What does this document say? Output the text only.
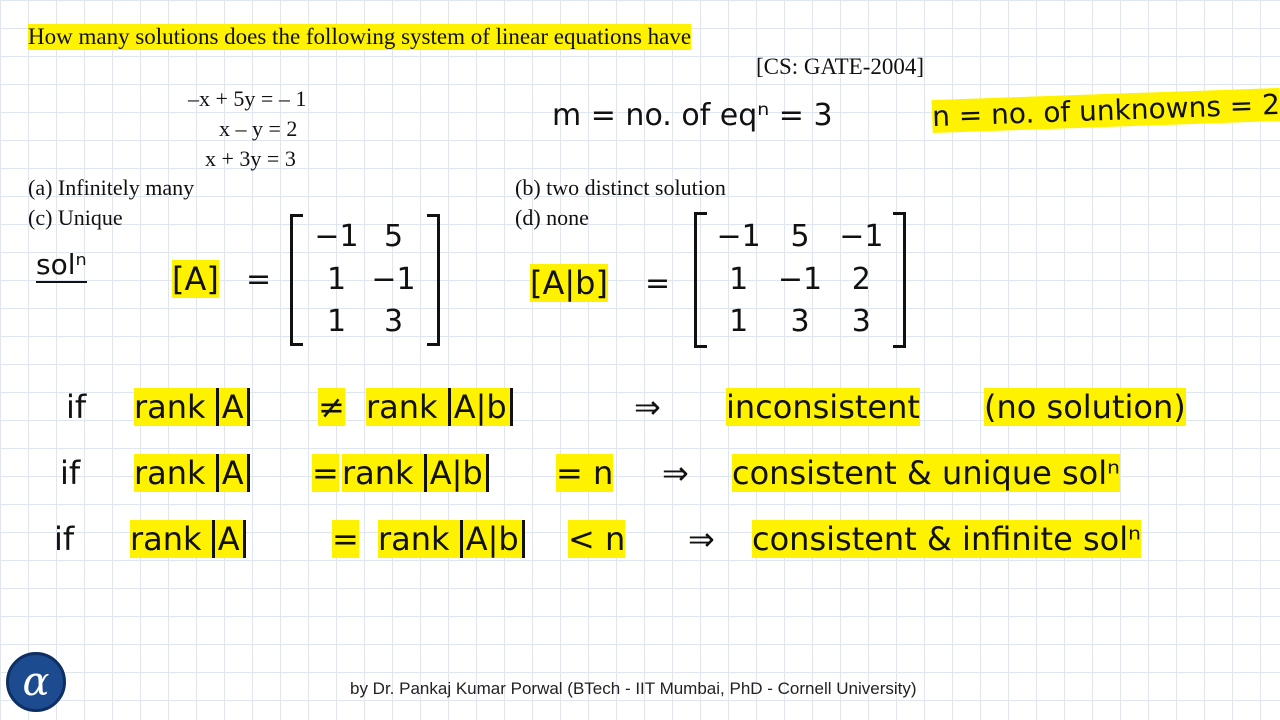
How many solutions does the following system of linear equations have
[CS: GATE-2004]
–x + 5y = – 1
x – y = 2
x + 3y = 3
(a) Infinitely many	(b) two distinct solution
(c) Unique	(d) none
m = no. of eqⁿ = 3	n = no. of unknowns = 2
solⁿ	[A] =
−1 5
1 −1
1	3
[A|b] =
−1 5 −1
1 −1 2
1	3	3
if rank A ≠ rank A|b	⇒ inconsistent (no solution)
if rank A = rank A|b = n ⇒ consistent & unique solⁿ
if rank A	= rank A|b < n ⇒ consistent & infinite solⁿ
α	by Dr. Pankaj Kumar Porwal (BTech - IIT Mumbai, PhD - Cornell University)
